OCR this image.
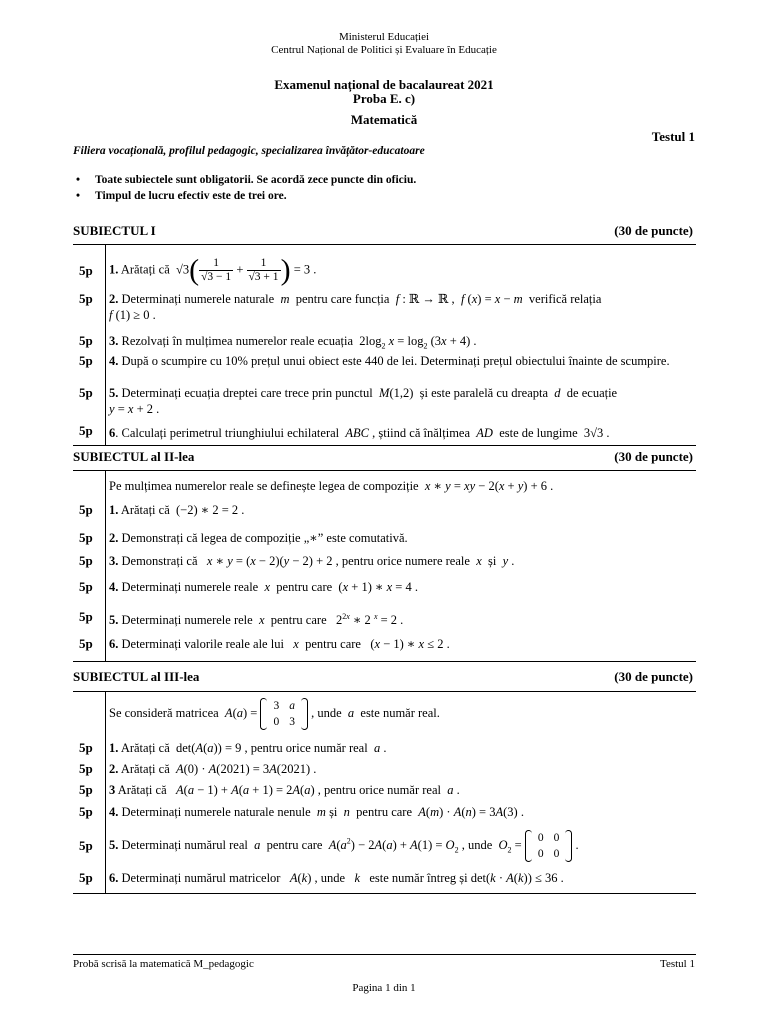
Ministerul Educației
Centrul Național de Politici și Evaluare în Educație
Examenul național de bacalaureat 2021
Proba E. c)
Matematică
Testul 1
Filiera vocațională, profilul pedagogic, specializarea învățător-educatoare
• Toate subiectele sunt obligatorii. Se acordă zece puncte din oficiu.
• Timpul de lucru efectiv este de trei ore.
SUBIECTUL I	(30 de puncte)
5p	1. Arătați că  $√3( \frac{1}{√3 - 1} + \frac{1}{√3 + 1}$ ) = 3 .
5p	2. Determinați numerele naturale m  pentru care funcția  f : ℝ → ℝ ,  f (x) = x − m  verifică relația
f (1) ≥ 0 .
5p	3. Rezolvați în mulțimea numerelor reale ecuația  $2\log_2$ $x = \log_2 (3x + 4)$ .
5p	4. După o scumpire cu 10% prețul unui obiect este 440 de lei. Determinați prețul obiectului înainte de scumpire.
5p	5. Determinați ecuația dreptei care trece prin punctul M(1,2)  și este paralelă cu dreapta  d  de ecuație
y = x + 2 .
5p	6. Calculați perimetrul triunghiului echilateral ABC , știind că înălțimea  AD  este de lungime  3√3 .
SUBIECTUL al II-lea	(30 de puncte)
Pe mulțimea numerelor reale se definește legea de compoziție x ∗ y = xy − 2(x + y) + 6 .
5p	1. Arătați că  (−2) ∗ 2 = 2 .
5p	2. Demonstrați că legea de compoziție „∗” este comutativă.
5p	3. Demonstrați că x ∗ y = (x − 2)(y − 2) + 2 , pentru orice numere reale  x  și  y .
5p	4. Determinați numerele reale x  pentru care  (x + 1) ∗ x = 4 .
5p	5. Determinați numerele rele x  pentru care   $2^{2x}$ ∗ 2 $^x$ = 2 .
5p	6. Determinați valorile reale ale lui x  pentru care   (x − 1) ∗ x ≤ 2 .
SUBIECTUL al III-lea	(30 de puncte)
Se consideră matricea A(a) = 3	a
0	3
, unde  a  este număr real.
5p	1. Arătați că  det(A(a)) = 9 , pentru orice număr real  a .
5p	2. Arătați că A(0) · A(2021) = 3A(2021) .
5p	3 Arătați că A(a − 1) + A(a + 1) = 2A(a) , pentru orice număr real  a .
5p	4. Determinați numerele naturale nenule m și  n  pentru care  A(m) · A(n) = 3A(3) .
5p	5. Determinați numărul real a  pentru care  $A(a^2) - 2A(a) + A(1) = O_2$ , unde  $O_2 = 0$	0
0	0
.
5p	6. Determinați numărul matricelor A(k) , unde   k   este număr întreg și det(k · A(k)) ≤ 36 .
Probă scrisă la matematică M_pedagogic	Testul 1
Pagina 1 din 1
